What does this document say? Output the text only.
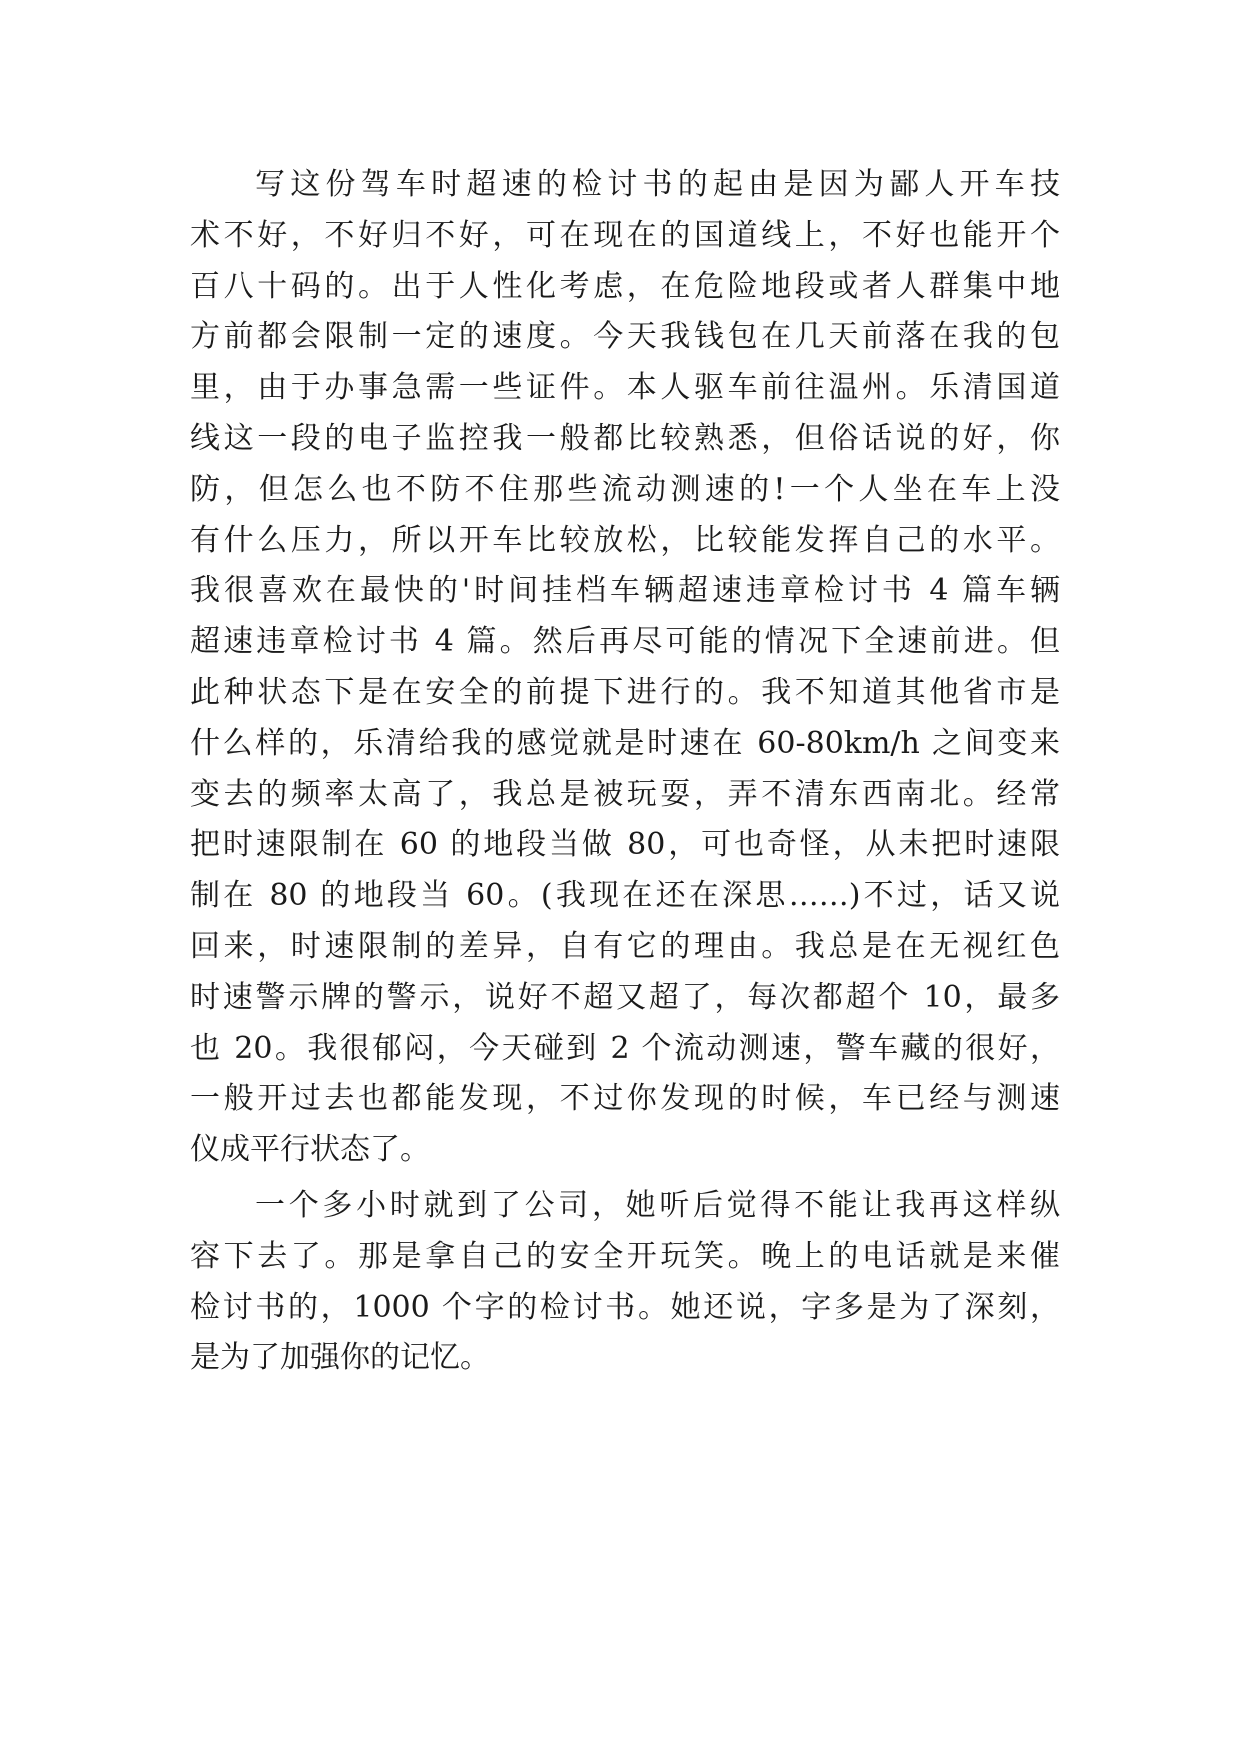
写这份驾车时超速的检讨书的起由是因为鄙人开车技
术不好，不好归不好，可在现在的国道线上，不好也能开个
百八十码的。出于人性化考虑，在危险地段或者人群集中地
方前都会限制一定的速度。今天我钱包在几天前落在我的包
里，由于办事急需一些证件。本人驱车前往温州。乐清国道
线这一段的电子监控我一般都比较熟悉，但俗话说的好，你
防，但怎么也不防不住那些流动测速的!一个人坐在车上没
有什么压力，所以开车比较放松，比较能发挥自己的水平。
我很喜欢在最快的'时间挂档车辆超速违章检讨书 4 篇车辆
超速违章检讨书 4 篇。然后再尽可能的情况下全速前进。但
此种状态下是在安全的前提下进行的。我不知道其他省市是
什么样的，乐清给我的感觉就是时速在 60-80km/h 之间变来
变去的频率太高了，我总是被玩耍，弄不清东西南北。经常
把时速限制在 60 的地段当做 80，可也奇怪，从未把时速限
制在 80 的地段当 60。(我现在还在深思……)不过，话又说
回来，时速限制的差异，自有它的理由。我总是在无视红色
时速警示牌的警示，说好不超又超了，每次都超个 10，最多
也 20。我很郁闷，今天碰到 2 个流动测速，警车藏的很好，
一般开过去也都能发现，不过你发现的时候，车已经与测速
仪成平行状态了。
一个多小时就到了公司，她听后觉得不能让我再这样纵
容下去了。那是拿自己的安全开玩笑。晚上的电话就是来催
检讨书的，1000 个字的检讨书。她还说，字多是为了深刻，
是为了加强你的记忆。
